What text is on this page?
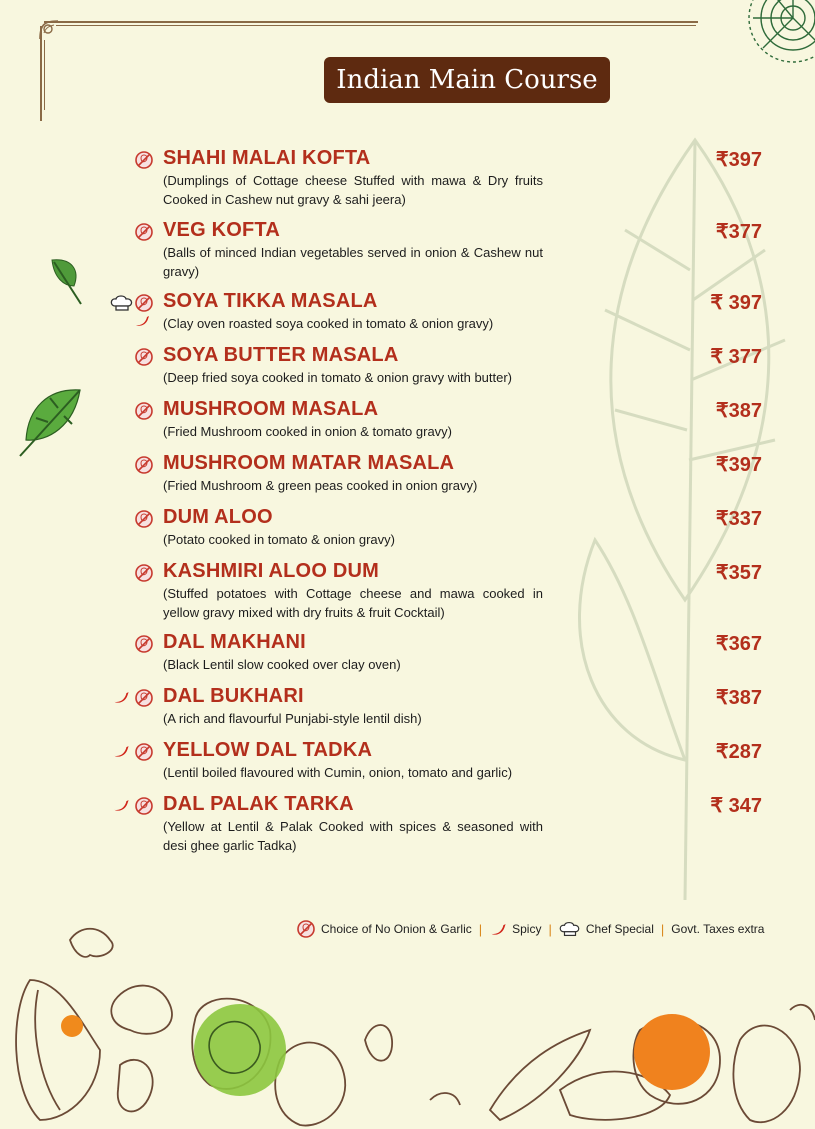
Indian Main Course
SHAHI MALAI KOFTA
(Dumplings of Cottage cheese Stuffed with mawa & Dry fruits Cooked in Cashew nut gravy & sahi jeera)
₹397
VEG KOFTA
(Balls of minced Indian vegetables served in onion & Cashew nut gravy)
₹377
SOYA TIKKA MASALA
(Clay oven roasted soya cooked in tomato & onion gravy)
₹ 397
SOYA BUTTER MASALA
(Deep fried soya cooked in tomato & onion gravy with butter)
₹ 377
MUSHROOM MASALA
(Fried Mushroom cooked in onion & tomato gravy)
₹387
MUSHROOM MATAR MASALA
(Fried Mushroom & green peas cooked in onion gravy)
₹397
DUM ALOO
(Potato cooked in tomato & onion gravy)
₹337
KASHMIRI ALOO DUM
(Stuffed potatoes with Cottage cheese and mawa cooked in yellow gravy mixed with dry fruits & fruit Cocktail)
₹357
DAL MAKHANI
(Black Lentil slow cooked over clay oven)
₹367
DAL BUKHARI
(A rich and flavourful Punjabi-style lentil dish)
₹387
YELLOW DAL TADKA
(Lentil boiled flavoured with Cumin, onion, tomato and garlic)
₹287
DAL PALAK TARKA
(Yellow at Lentil & Palak Cooked with spices & seasoned with desi ghee garlic Tadka)
₹ 347
Choice of No Onion & Garlic |	Spicy |	Chef Special | Govt. Taxes extra
